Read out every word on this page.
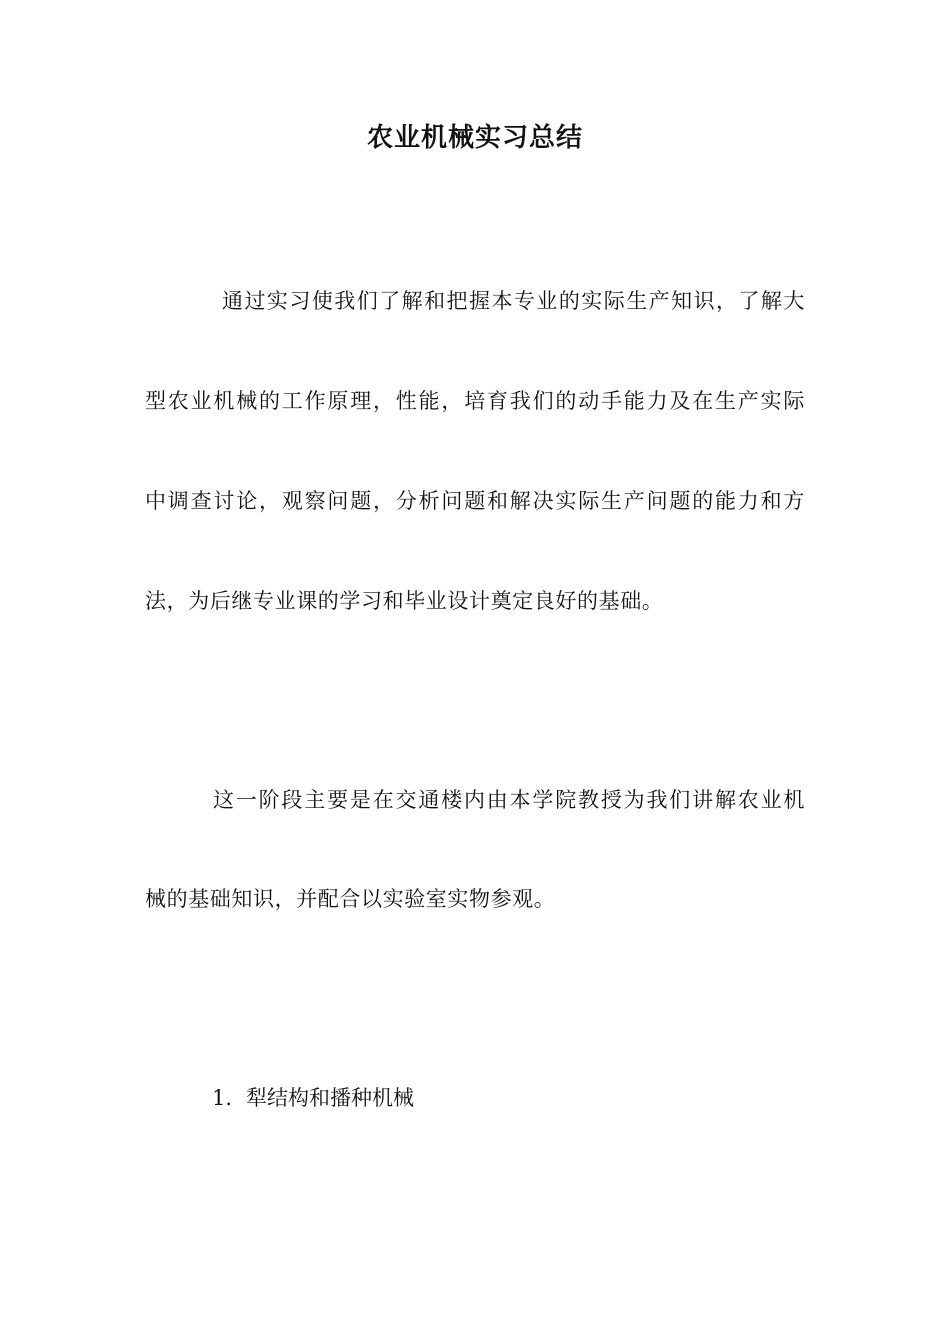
农业机械实习总结
通过实习使我们了解和把握本专业的实际生产知识，了解大
型农业机械的工作原理，性能，培育我们的动手能力及在生产实际
中调查讨论，观察问题，分析问题和解决实际生产问题的能力和方
法，为后继专业课的学习和毕业设计奠定良好的基础。
这一阶段主要是在交通楼内由本学院教授为我们讲解农业机
械的基础知识，并配合以实验室实物参观。
1. 犁结构和播种机械
